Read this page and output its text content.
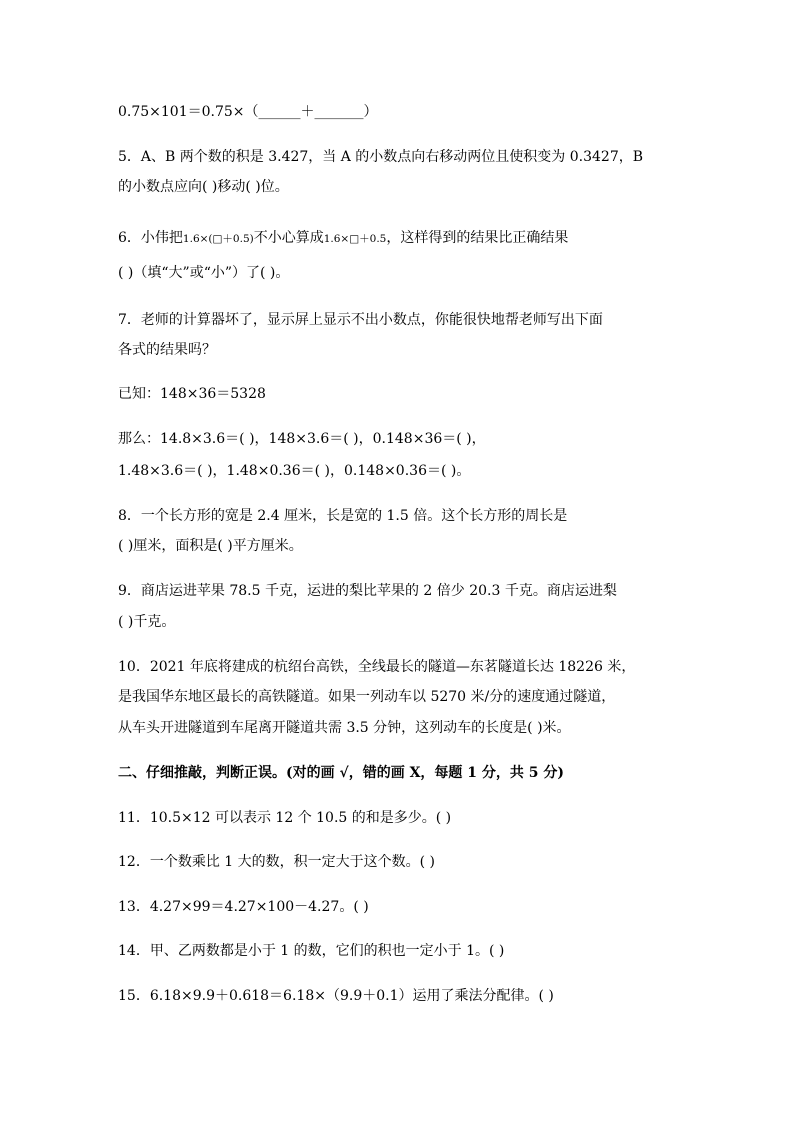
0.75×101＝0.75×（______＋_______）
5．A、B 两个数的积是 3.427，当 A 的小数点向右移动两位且使积变为 0.3427，B
的小数点应向( )移动( )位。
6．小伟把1.6×(□＋0.5)不小心算成1.6×□＋0.5，这样得到的结果比正确结果
( )（填“大”或“小”）了( )。
7．老师的计算器坏了，显示屏上显示不出小数点，你能很快地帮老师写出下面
各式的结果吗？
已知：148×36＝5328
那么：14.8×3.6＝( )，148×3.6＝( )，0.148×36＝( )，
1.48×3.6＝( )，1.48×0.36＝( )，0.148×0.36＝( )。
8．一个长方形的宽是 2.4 厘米，长是宽的 1.5 倍。这个长方形的周长是
( )厘米，面积是( )平方厘米。
9．商店运进苹果 78.5 千克，运进的梨比苹果的 2 倍少 20.3 千克。商店运进梨
( )千克。
10．2021 年底将建成的杭绍台高铁，全线最长的隧道—东茗隧道长达 18226 米，
是我国华东地区最长的高铁隧道。如果一列动车以 5270 米/分的速度通过隧道，
从车头开进隧道到车尾离开隧道共需 3.5 分钟，这列动车的长度是( )米。
二、仔细推敲，判断正误。(对的画 √，错的画 X，每题 1 分，共 5 分)
11．10.5×12 可以表示 12 个 10.5 的和是多少。( )
12．一个数乘比 1 大的数，积一定大于这个数。( )
13．4.27×99＝4.27×100－4.27。( )
14．甲、乙两数都是小于 1 的数，它们的积也一定小于 1。( )
15．6.18×9.9＋0.618＝6.18×（9.9＋0.1）运用了乘法分配律。( )
